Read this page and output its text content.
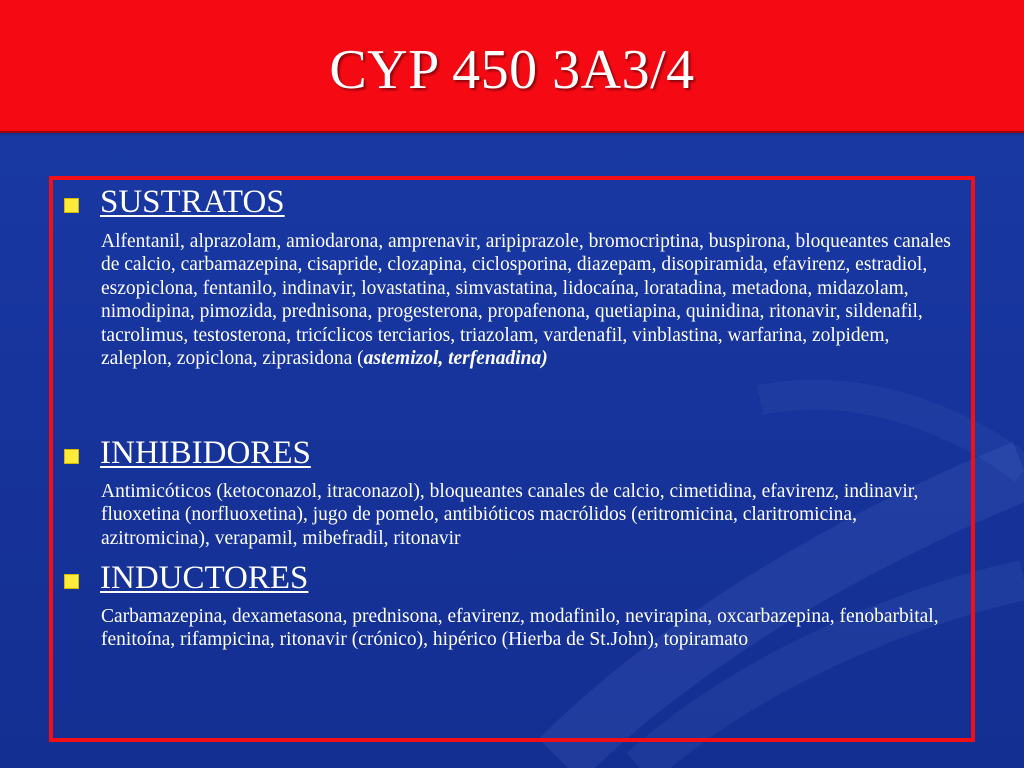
CYP 450 3A3/4
SUSTRATOS
Alfentanil, alprazolam, amiodarona, amprenavir, aripiprazole, bromocriptina, buspirona, bloqueantes canales de calcio, carbamazepina, cisapride, clozapina, ciclosporina, diazepam, disopiramida, efavirenz, estradiol, eszopiclona, fentanilo, indinavir, lovastatina, simvastatina, lidocaína, loratadina, metadona, midazolam, nimodipina, pimozida, prednisona, progesterona, propafenona, quetiapina, quinidina, ritonavir, sildenafil, tacrolimus, testosterona, tricíclicos terciarios, triazolam, vardenafil, vinblastina, warfarina, zolpidem, zaleplon, zopiclona, ziprasidona (astemizol, terfenadina)
INHIBIDORES
Antimicóticos (ketoconazol, itraconazol), bloqueantes canales de calcio, cimetidina, efavirenz, indinavir, fluoxetina (norfluoxetina), jugo de pomelo, antibióticos macrólidos (eritromicina, claritromicina, azitromicina), verapamil, mibefradil, ritonavir
INDUCTORES
Carbamazepina, dexametasona, prednisona, efavirenz, modafinilo, nevirapina, oxcarbazepina, fenobarbital, fenitoína, rifampicina, ritonavir (crónico), hipérico (Hierba de St.John), topiramato
